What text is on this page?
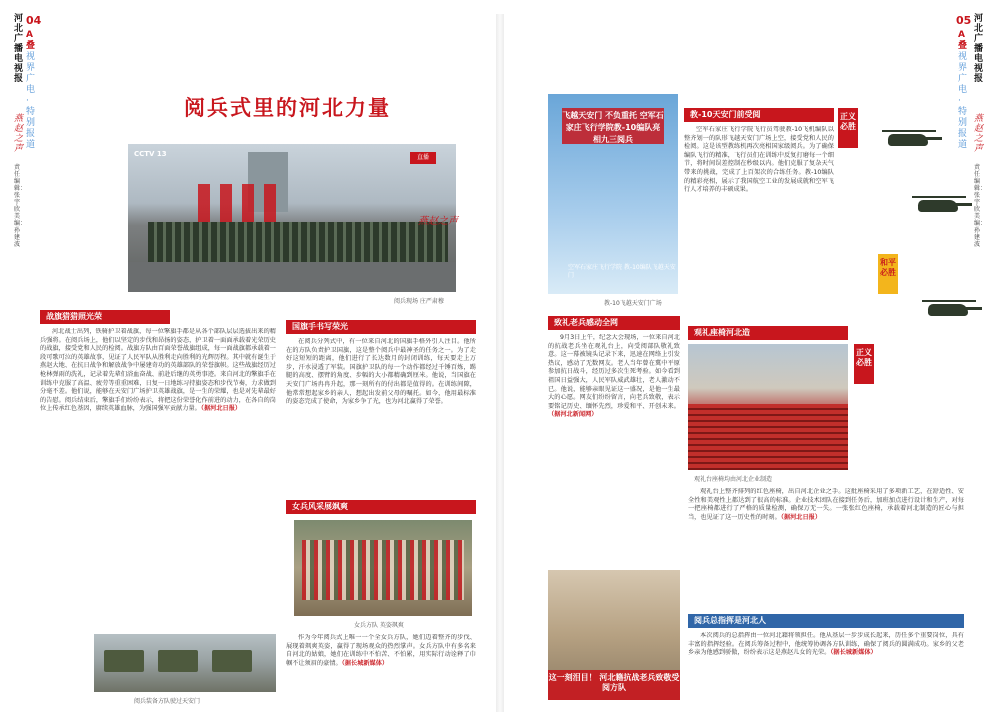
河北广播电视报
04
A 叠 视界广电·特别报道
燕赵之声
责任编辑：张宇欣 美编：孙建波
阅兵式里的河北力量
CCTV 13	直播
阅兵现场 庄严肃穆
燕赵之声
战旗猎猎照光荣
河北战士出列，铁骑护卫着战旗，每一位擎旗手都是从各个部队层层选拔出来的精兵强将。在阅兵场上，他们以坚定的步伐和昂扬的姿态，护卫着一面面承载着光荣历史的战旗，接受党和人民的检阅。战旗方队由百面荣誉战旗组成，每一面战旗都承载着一段可歌可泣的英雄故事，见证了人民军队从胜利走向胜利的光辉历程。其中就有诞生于燕赵大地、在抗日战争和解放战争中屡建奇功的英雄部队的荣誉旗帜。这些战旗经历过枪林弹雨的洗礼，记录着先辈们浴血奋战、前赴后继的英勇事迹。来自河北的擎旗手在训练中克服了高温、疲劳等重重困难，日复一日地练习持旗姿态和步伐节奏，力求做到分毫不差。他们说，能够在天安门广场护卫英雄战旗，是一生的荣耀，也是对先辈最好的告慰。阅兵结束后，擎旗手们纷纷表示，将把这份荣誉化作前进的动力，在各自的岗位上传承红色基因，赓续英雄血脉，为强国强军贡献力量。（据河北日报）
阅兵装备方队驶过天安门
国旗手书写荣光
在阅兵分列式中，有一位来自河北的国旗手格外引人注目。他所在的方队负责护卫国旗，这是整个阅兵中最神圣的任务之一。为了走好这短短的距离，他们进行了长达数月的封闭训练，每天要走上万步，汗水浸透了军装。国旗护卫队的每一个动作都经过千锤百炼，踢腿的高度、摆臂的角度、步幅的大小都精确到厘米。他说，当国旗在天安门广场冉冉升起，那一刻所有的付出都是值得的。在训练间隙，他常常想起家乡的亲人，想起出发前父母的嘱托。如今，他用最标准的姿态完成了使命，为家乡争了光，也为河北赢得了荣誉。
女兵风采展飒爽
女兵方队 英姿飒爽
作为今年阅兵式上唯一一个全女兵方队，她们迈着整齐的步伐、展现着飒爽英姿，赢得了现场观众的热烈掌声。女兵方队中有多名来自河北的姑娘，她们在训练中不怕苦、不怕累，用实际行动诠释了巾帼不让须眉的豪情。（据长城新媒体）
05
A 叠 视界广电·特别报道
河北广播电视报
燕赵之声
责任编辑：张宇欣 美编：孙建波
飞越天安门 不负重托 空军石家庄飞行学院教-10编队亮相九三阅兵
空军石家庄飞行学院 教-10编队飞越天安门
教-10飞越天安门广场
教-10天安门前受阅
空军石家庄飞行学院飞行员驾驶教-10飞机编队以整齐划一的队形飞越天安门广场上空，接受党和人民的检阅。这是该型教练机再次亮相国家级阅兵。为了确保编队飞行的精准，飞行员们在训练中反复打磨每一个细节，将时间误差控制在秒级以内。他们克服了复杂天气带来的挑战，完成了上百架次的合练任务。教-10编队的精彩亮相，展示了我国航空工业的发展成就和空军飞行人才培养的丰硕成果。
正义必胜
和平必胜
致礼老兵感动全网
9月3日上午，纪念大会现场，一位来自河北的抗战老兵坐在观礼台上，向受阅部队敬礼致意。这一幕被镜头记录下来，迅速在网络上引发热议，感动了无数网友。老人当年曾在冀中平原参加抗日战斗，经历过多次生死考验。如今看到祖国日益强大，人民军队威武雄壮，老人激动不已。他说，能够亲眼见证这一盛况，是他一生最大的心愿。网友们纷纷留言，向老兵致敬，表示要铭记历史、缅怀先烈，珍爱和平、开创未来。（据河北新闻网）
这一刻泪目！ 河北籍抗战老兵致敬受阅方队
观礼座椅河北造
观礼台座椅均由河北企业制造
正义必胜
观礼台上整齐排列的红色座椅，出自河北企业之手。这批座椅采用了多项新工艺，在舒适性、安全性和美观性上都达到了很高的标准。企业技术团队在接到任务后，加班加点进行设计和生产，对每一把座椅都进行了严格的质量检测，确保万无一失。一张张红色座椅，承载着河北制造的匠心与担当，也见证了这一历史性的时刻。（据河北日报）
阅兵总指挥是河北人
本次阅兵的总指挥由一位河北籍将领担任。他从基层一步步成长起来，历任多个重要岗位，具有丰富的指挥经验。在阅兵筹备过程中，他统筹协调各方队训练，确保了阅兵的圆满成功。家乡的父老乡亲为他感到骄傲，纷纷表示这是燕赵儿女的光荣。（据长城新媒体）
